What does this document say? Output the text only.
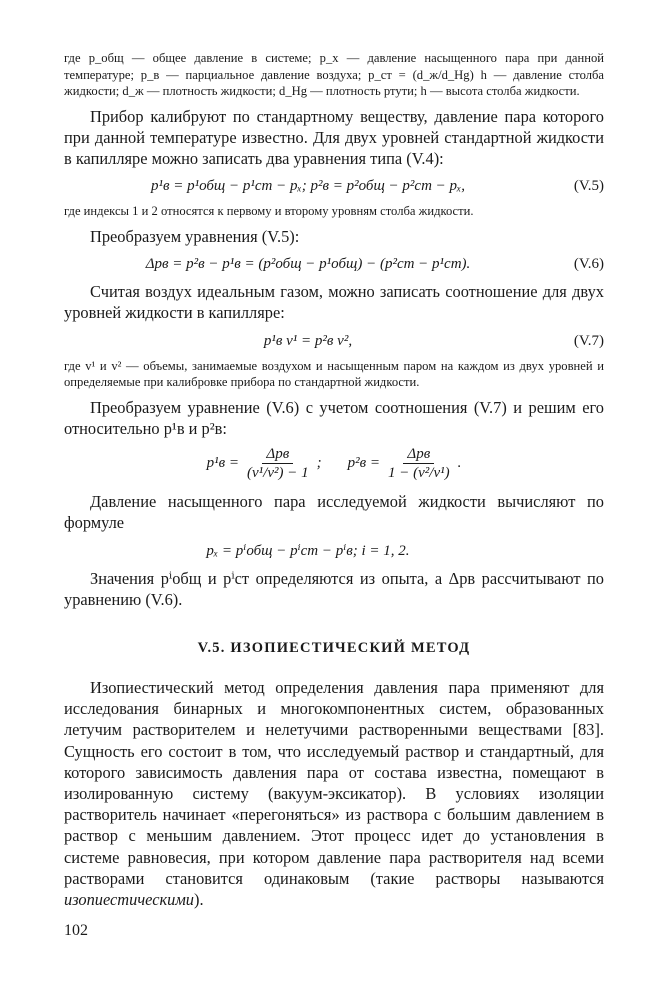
где p_общ — общее давление в системе; p_x — давление насыщенного пара при данной температуре; p_в — парциальное давление воздуха; p_ст = (d_ж/d_Hg) h — давление столба жидкости; d_ж — плотность жидкости; d_Hg — плотность ртути; h — высота столба жидкости.

Прибор калибруют по стандартному веществу, давление пара которого при данной температуре известно. Для двух уровней стандартной жидкости в капилляре можно записать два уравнения типа (V.4):

p¹в = p¹общ − p¹ст − pₓ; p²в = p²общ − p²ст − pₓ,	(V.5)

где индексы 1 и 2 относятся к первому и второму уровням столба жидкости.

Преобразуем уравнения (V.5):

Δpв = p²в − p¹в = (p²общ − p¹общ) − (p²ст − p¹ст).	(V.6)

Считая воздух идеальным газом, можно записать соотношение для двух уровней жидкости в капилляре:

p¹в v¹ = p²в v²,	(V.7)

где v¹ и v² — объемы, занимаемые воздухом и насыщенным паром на каждом из двух уровней и определяемые при калибровке прибора по стандартной жидкости.

Преобразуем уравнение (V.6) с учетом соотношения (V.7) и решим его относительно p¹в и p²в:

$p^1в = \frac{\text{Δpв}}{\text{(v¹/v²) − 1}}$ ; $p^2в = \frac{\text{Δpв}}{\text{1 − (v²/v¹)}}$ .

Давление насыщенного пара исследуемой жидкости вычисляют по формуле

pₓ = pⁱобщ − pⁱст − pⁱв; i = 1, 2.

Значения pⁱобщ и pⁱст определяются из опыта, а Δpв рассчитывают по уравнению (V.6).

V.5. ИЗОПИЕСТИЧЕСКИЙ МЕТОД

Изопиестический метод определения давления пара применяют для исследования бинарных и многокомпонентных систем, образованных летучим растворителем и нелетучими растворенными веществами [83]. Сущность его состоит в том, что исследуемый раствор и стандартный, для которого зависимость давления пара от состава известна, помещают в изолированную систему (вакуум-эксикатор). В условиях изоляции растворитель начинает «перегоняться» из раствора с большим давлением в раствор с меньшим давлением. Этот процесс идет до установления в системе равновесия, при котором давление пара растворителя над всеми растворами становится одинаковым (такие растворы называются изопиестическими).

102
